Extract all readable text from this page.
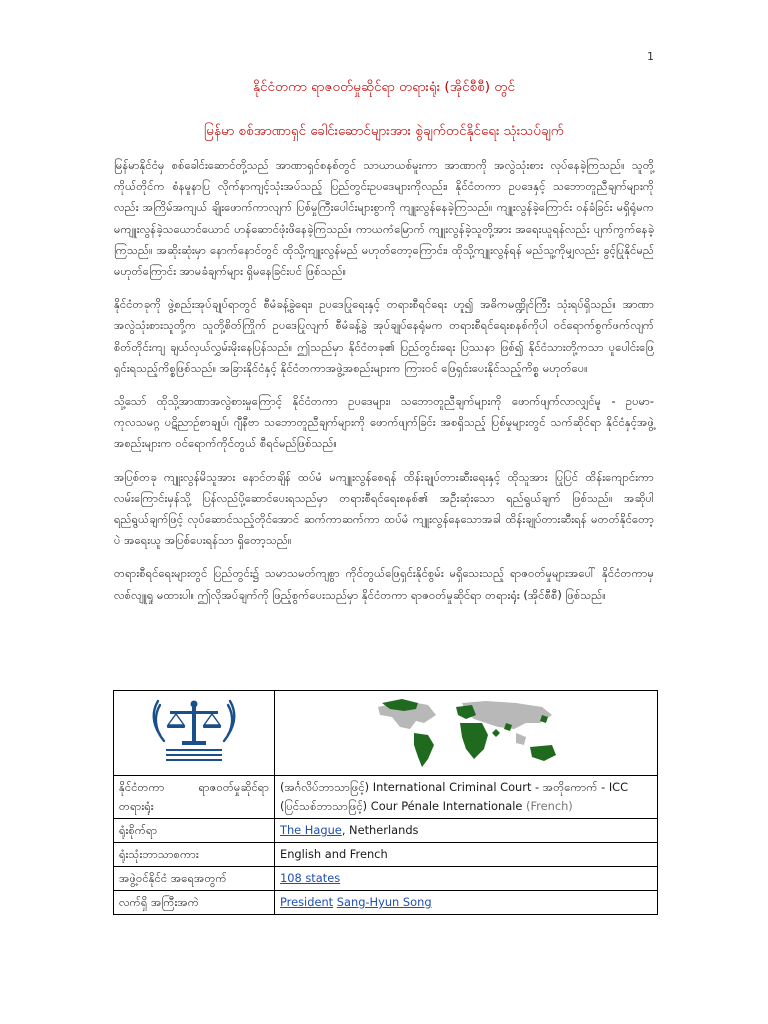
1
နိုင်ငံတကာ ရာဇဝတ်မှုဆိုင်ရာ တရားရုံး (အိုင်စီစီ) တွင်
မြန်မာ စစ်အာဏာရှင် ခေါင်းဆောင်များအား စွဲချက်တင်နိုင်ရေး သုံးသပ်ချက်

မြန်မာနိုင်ငံမှ စစ်ခေါင်းဆောင်တို့သည် အာဏာရှင်စနစ်တွင် သာယာယစ်မူးကာ အာဏာကို အလွဲသုံးစား လုပ်နေခဲ့ကြသည်။ သူတို့ကိုယ်တိုင်က စံနမူနာပြ လိုက်နာကျင့်သုံးအပ်သည့် ပြည်တွင်းဥပဒေများကိုလည်း၊ နိုင်ငံတကာ ဥပဒေနှင့် သဘောတူညီချက်များကိုလည်း အကြိမ်အကျယ် ချိုးဖောက်ကာလျက် ပြစ်မှုကြီးပေါင်းများစွာကို ကျူးလွန်နေခဲ့ကြသည်။ ကျူးလွန်ခဲ့ကြောင်း ဝန်ခံခြင်း မရှိရုံမက မကျူးလွန်ခဲ့သယောင်ယောင် ဟန်ဆောင်ဖုံးဖိနေခဲ့ကြသည်။ ကာယကံမြောက် ကျူးလွန်ခဲ့သူတို့အား အရေးယူရန်လည်း ပျက်ကွက်နေခဲ့ကြသည်။ အဆိုးဆုံးမှာ နောက်နောင်တွင် ထိုသို့ကျူးလွန်မည် မဟုတ်တော့ကြောင်း၊ ထိုသို့ကျူးလွန်ရန် မည်သူ့ကိုမျှလည်း ခွင့်ပြုနိုင်မည်မဟုတ်ကြောင်း အာမခံချက်များ ရှိမနေခြင်းပင် ဖြစ်သည်။

နိုင်ငံတခုကို ဖွဲ့စည်းအုပ်ချုပ်ရာတွင် စီမံခန့်ခွဲရေး၊ ဥပဒေပြုရေးနှင့် တရားစီရင်ရေး ဟူ၍ အဓိကမဏ္ဍိုင်ကြီး သုံးရပ်ရှိသည်။ အာဏာအလွဲသုံးစားသူတို့က သူတို့စိတ်ကြိုက် ဥပဒေပြုလျက် စီမံခန့်ခွဲ အုပ်ချုပ်နေရုံမက တရားစီရင်ရေးစနစ်ကိုပါ ဝင်ရောက်စွက်ဖက်လျက် စိတ်တိုင်းကျ ချယ်လှယ်လွှမ်းမိုးနေပြန်သည်။ ဤသည်မှာ နိုင်ငံတခု၏ ပြည်တွင်းရေး ပြဿနာ ဖြစ်၍ နိုင်ငံသားတို့ကသာ ပူပေါင်းဖြေရှင်းရသည့်ကိစ္စဖြစ်သည်။ အခြားနိုင်ငံနှင့် နိုင်ငံတကာအဖွဲ့အစည်းများက ကြားဝင် ဖြေရှင်းပေးနိုင်သည့်ကိစ္စ မဟုတ်ပေ။

သို့သော် ထိုသို့အာဏာအလွဲစားမှုကြောင့် နိုင်ငံတကာ ဥပဒေများ၊ သဘောတူညီချက်များကို ဖောက်ဖျက်လာလျှင်မူ - ဥပမာ- ကုလသမဂ္ဂ ပဋိညာဉ်စာချုပ်၊ ဂျီနီဗာ သဘောတူညီချက်များကို ဖောက်ဖျက်ခြင်း အစရှိသည့် ပြစ်မှုများတွင် သက်ဆိုင်ရာ နိုင်ငံနှင့်အဖွဲ့အစည်းများက ဝင်ရောက်ကိုင်တွယ် စီရင်မည်ဖြစ်သည်။

အပြစ်တခု ကျူးလွန်မိသူအား နောင်တချိန် ထပ်မံ မကျူးလွန်စေရန် ထိန်းချုပ်တားဆီးရေးနှင့် ထိုသူအား ပြုပြင် ထိန်းကျောင်းကာ လမ်းကြောင်းမှန်သို့ ပြန်လည်ပို့ဆောင်ပေးရသည်မှာ တရားစီရင်ရေးစနစ်၏ အဦးဆုံးသော ရည်ရွယ်ချက် ဖြစ်သည်။ အဆိုပါရည်ရွယ်ချက်ဖြင့် လုပ်ဆောင်သည့်တိုင်အောင် ဆက်ကာဆက်ကာ ထပ်မံ ကျူးလွန်နေသောအခါ ထိန်းချုပ်တားဆီးရန် မတတ်နိုင်တော့ပဲ အရေးယူ အပြစ်ပေးရန်သာ ရှိတော့သည်။

တရားစီရင်ရေးများတွင် ပြည်တွင်း၌ သမာသမတ်ကျစွာ ကိုင်တွယ်ဖြေရှင်းနိုင်စွမ်း မရှိသေးသည့် ရာဇဝတ်မှုများအပေါ် နိုင်ငံတကာမှ လစ်လျူရှု မထားပါ။ ဤလိုအပ်ချက်ကို ဖြည့်စွက်ပေးသည်မှာ နိုင်ငံတကာ ရာဇဝတ်မှုဆိုင်ရာ တရားရုံး (အိုင်စီစီ) ဖြစ်သည်။

နိုင်ငံတကာ ရာဇဝတ်မှုဆိုင်ရာ တရားရုံး	(အင်္ဂလိပ်ဘာသာဖြင့်) International Criminal Court - အတိုကောက် - ICC
(ပြင်သစ်ဘာသာဖြင့်) Cour Pénale Internationale (French)

ရုံးစိုက်ရာ	The Hague, Netherlands
ရုံးသုံးဘာသာစကား	English and French
အဖွဲ့ဝင်နိုင်ငံ အရေအတွက်	108 states
လက်ရှိ အကြီးအကဲ	President Sang-Hyun Song
